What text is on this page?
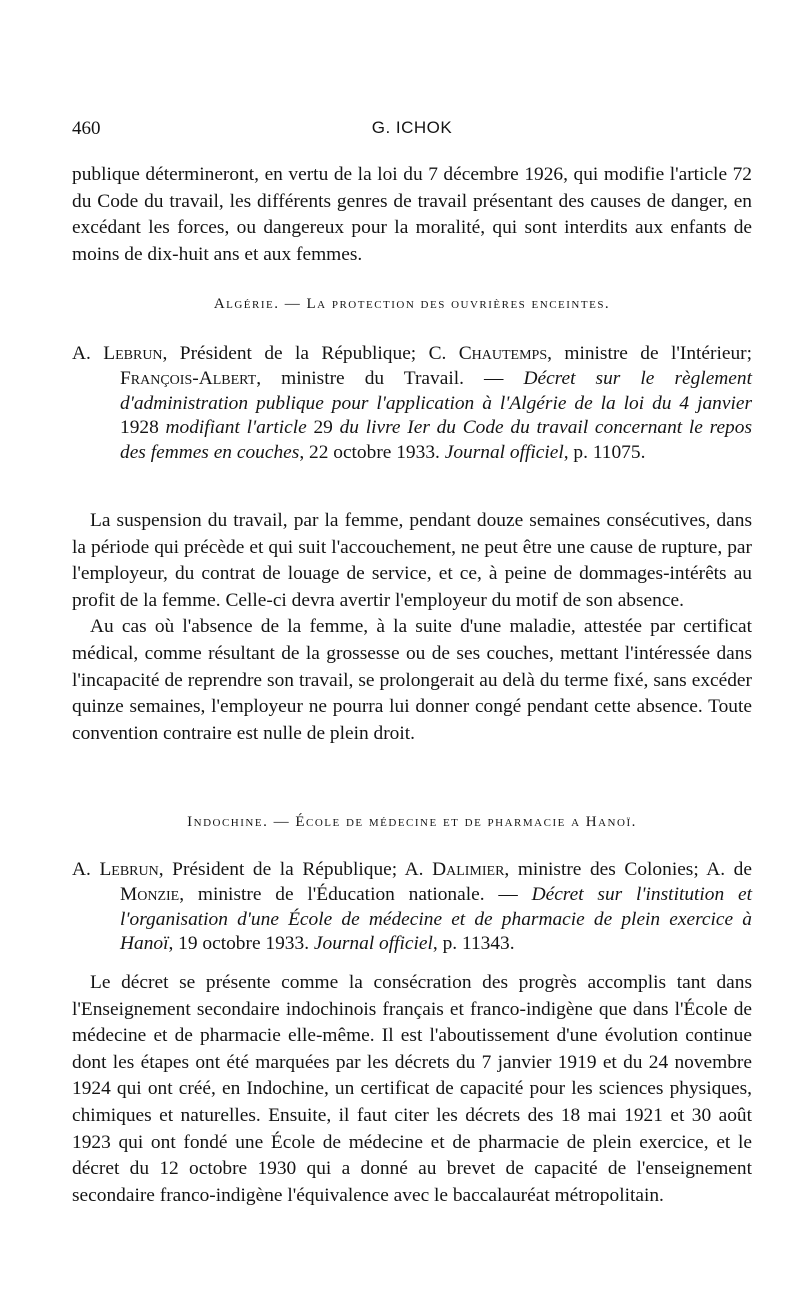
460	G. ICHOK

publique détermineront, en vertu de la loi du 7 décembre 1926, qui modifie l'article 72 du Code du travail, les différents genres de travail présentant des causes de danger, en excédant les forces, ou dangereux pour la moralité, qui sont interdits aux enfants de moins de dix-huit ans et aux femmes.

Algérie. — La protection des ouvrières enceintes.

A. Lebrun, Président de la République; C. Chautemps, ministre de l'Intérieur; François-Albert, ministre du Travail. — Décret sur le règlement d'administration publique pour l'application à l'Algérie de la loi du 4 janvier 1928 modifiant l'article 29 du livre Ier du Code du travail concernant le repos des femmes en couches, 22 octobre 1933. Journal officiel, p. 11075.

La suspension du travail, par la femme, pendant douze semaines consécutives, dans la période qui précède et qui suit l'accouchement, ne peut être une cause de rupture, par l'employeur, du contrat de louage de service, et ce, à peine de dommages-intérêts au profit de la femme. Celle-ci devra avertir l'employeur du motif de son absence.

Au cas où l'absence de la femme, à la suite d'une maladie, attestée par certificat médical, comme résultant de la grossesse ou de ses couches, mettant l'intéressée dans l'incapacité de reprendre son travail, se prolongerait au delà du terme fixé, sans excéder quinze semaines, l'employeur ne pourra lui donner congé pendant cette absence. Toute convention contraire est nulle de plein droit.

Indochine. — École de médecine et de pharmacie a Hanoï.

A. Lebrun, Président de la République; A. Dalimier, ministre des Colonies; A. de Monzie, ministre de l'Éducation nationale. — Décret sur l'institution et l'organisation d'une École de médecine et de pharmacie de plein exercice à Hanoï, 19 octobre 1933. Journal officiel, p. 11343.

Le décret se présente comme la consécration des progrès accomplis tant dans l'Enseignement secondaire indochinois français et franco-indigène que dans l'École de médecine et de pharmacie elle-même. Il est l'aboutissement d'une évolution continue dont les étapes ont été marquées par les décrets du 7 janvier 1919 et du 24 novembre 1924 qui ont créé, en Indochine, un certificat de capacité pour les sciences physiques, chimiques et naturelles. Ensuite, il faut citer les décrets des 18 mai 1921 et 30 août 1923 qui ont fondé une École de médecine et de pharmacie de plein exercice, et le décret du 12 octobre 1930 qui a donné au brevet de capacité de l'enseignement secondaire franco-indigène l'équivalence avec le baccalauréat métropolitain.
